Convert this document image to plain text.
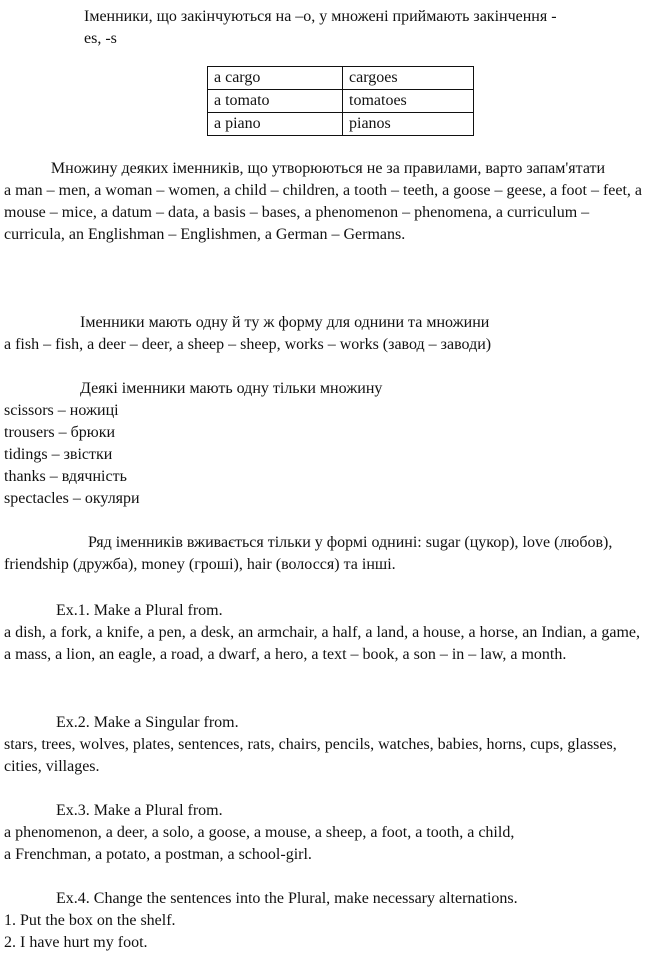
Іменники, що закінчуються на –о, у множені приймають закінчення -

es, -s

a cargo	cargoes
a tomato	tomatoes
a piano	pianos

Множину деяких іменників, що утворюються не за правилами, варто запам'ятати

a man – men, a woman – women, a child – children, a tooth – teeth, a goose – geese, a foot – feet, a mouse – mice, a datum – data, a basis – bases, a phenomenon – phenomena, a curriculum – curricula, an Englishman – Englishmen, a German – Germans.

Іменники мають одну й ту ж форму для однини та множини

a fish – fish, a deer – deer, a sheep – sheep, works – works (завод – заводи)

Деякі іменники мають одну тільки множину

scissors – ножиці

trousers – брюки

tidings – звістки

thanks – вдячність

spectacles – окуляри

Ряд іменників вживається тільки у формі однині: sugar (цукор), love (любов), friendship (дружба), money (гроші), hair (волосся) та інші.

Ex.1. Make a Plural from.

a dish, a fork, a knife, a pen, a desk, an armchair, a half, a land, a house, a horse, an Indian, a game, a mass, a lion, an eagle, a road, a dwarf, a hero, a text – book, a son – in – law, a month.

Ex.2. Make a Singular from.

stars, trees, wolves, plates, sentences, rats, chairs, pencils, watches, babies, horns, cups, glasses, cities, villages.

Ex.3. Make a Plural from.

a phenomenon, a deer, a solo, a goose, a mouse, a sheep, a foot, a tooth, a child,

a Frenchman, a potato, a postman, a school-girl.

Ex.4. Change the sentences into the Plural, make necessary alternations.

1. Put the box on the shelf.

2. I have hurt my foot.
